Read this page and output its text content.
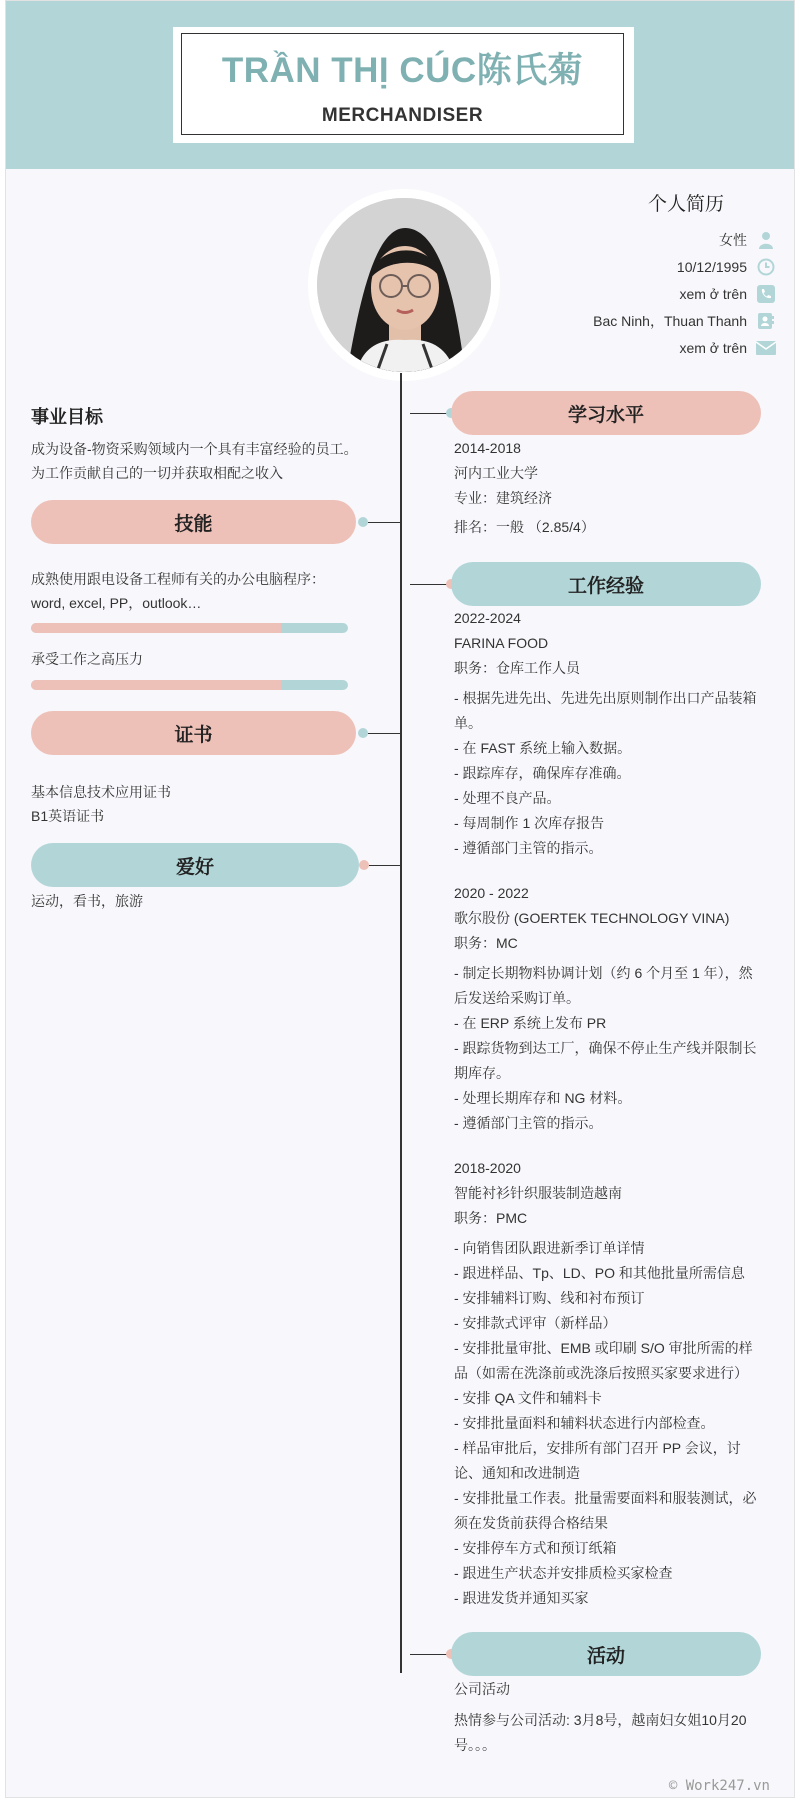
TRẦN THỊ CÚC陈氏菊
MERCHANDISER
个人简历
女性
10/12/1995
xem ở trên
Bac Ninh，Thuan Thanh
xem ở trên
事业目标
成为设备-物资采购领域内一个具有丰富经验的员工。
为工作贡献自己的一切并获取相配之收入
技能
成熟使用跟电设备工程师有关的办公电脑程序：
word, excel, PP，outlook…
承受工作之高压力
证书
基本信息技术应用证书
B1英语证书
爱好
运动，看书，旅游
学习水平

2014-2018

河内工业大学

专业：建筑经济

排名：一般 （2.85/4）

工作经验

2022-2024

FARINA FOOD

职务：仓库工作人员

- 根据先进先出、先进先出原则制作出口产品装箱单。

- 在 FAST 系统上输入数据。

- 跟踪库存，确保库存准确。

- 处理不良产品。

- 每周制作 1 次库存报告

- 遵循部门主管的指示。

2020 - 2022

歌尔股份 (GOERTEK TECHNOLOGY VINA)

职务：MC

- 制定长期物料协调计划（约 6 个月至 1 年），然后发送给采购订单。

- 在 ERP 系统上发布 PR

- 跟踪货物到达工厂，确保不停止生产线并限制长期库存。

- 处理长期库存和 NG 材料。

- 遵循部门主管的指示。

2018-2020

智能衬衫针织服装制造越南

职务：PMC

- 向销售团队跟进新季订单详情

- 跟进样品、Tp、LD、PO 和其他批量所需信息

- 安排辅料订购、线和衬布预订

- 安排款式评审（新样品）

- 安排批量审批、EMB 或印刷 S/O 审批所需的样品（如需在洗涤前或洗涤后按照买家要求进行）

- 安排 QA 文件和辅料卡

- 安排批量面料和辅料状态进行内部检查。

- 样品审批后，安排所有部门召开 PP 会议，讨论、通知和改进制造

- 安排批量工作表。批量需要面料和服装测试，必须在发货前获得合格结果

- 安排停车方式和预订纸箱

- 跟进生产状态并安排质检买家检查

- 跟进发货并通知买家

活动

公司活动

热情参与公司活动: 3月8号，越南妇女姐10月20号。。。

© Work247.vn
